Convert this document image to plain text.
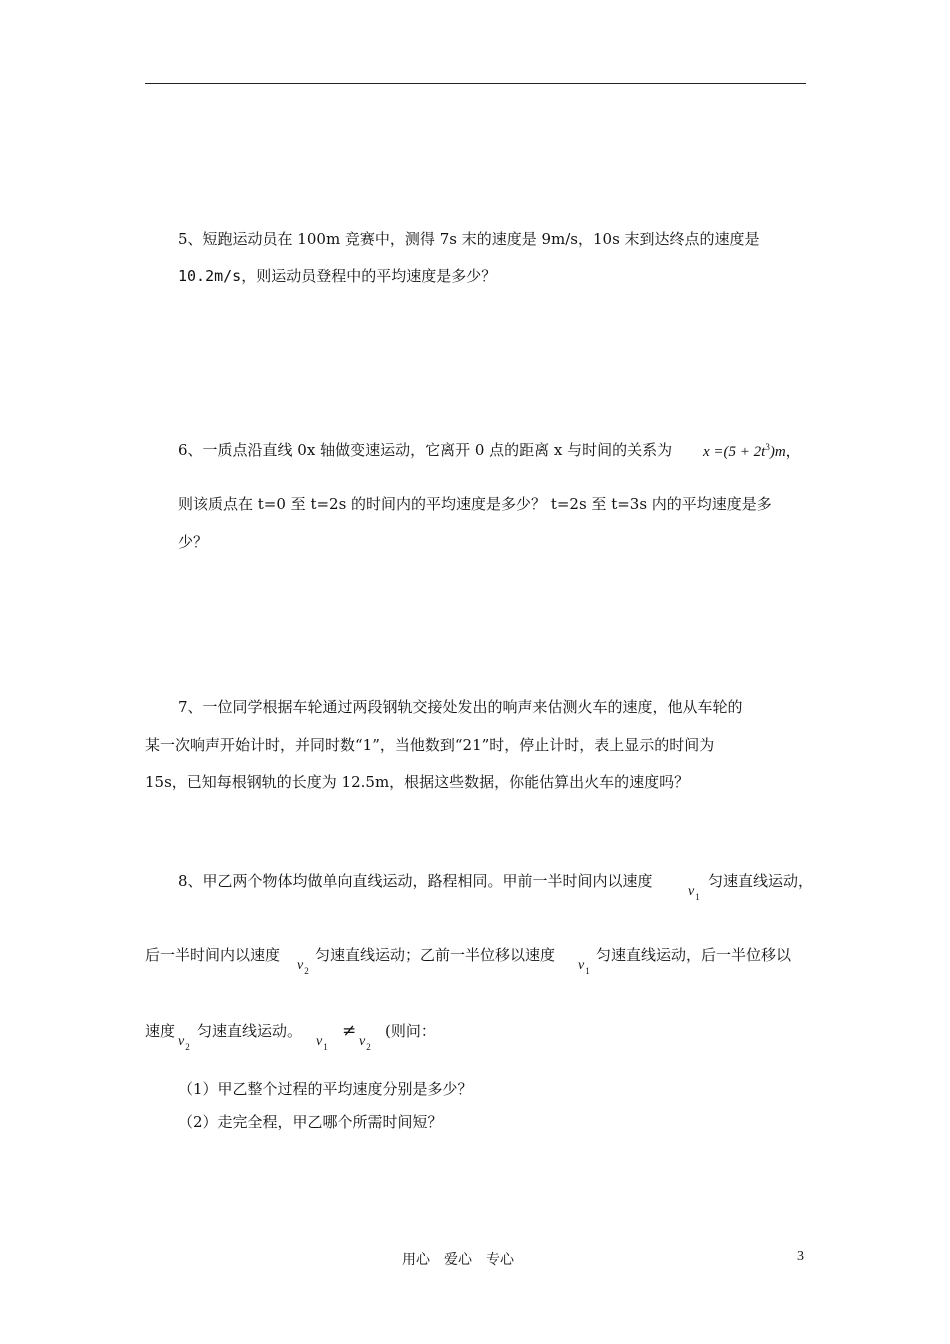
5、短跑运动员在 100m 竞赛中，测得 7s 末的速度是 9m/s，10s 末到达终点的速度是
10.2m/s，则运动员登程中的平均速度是多少？
6、一质点沿直线 0x 轴做变速运动，它离开 0 点的距离 x 与时间的关系为 $x =(5 + 2t^3)m$，
则该质点在 t=0 至 t=2s 的时间内的平均速度是多少？ t=2s 至 t=3s 内的平均速度是多
少？
7、一位同学根据车轮通过两段钢轨交接处发出的响声来估测火车的速度，他从车轮的
某一次响声开始计时，并同时数“1”，当他数到“21”时，停止计时，表上显示的时间为
15s，已知每根钢轨的长度为 12.5m，根据这些数据，你能估算出火车的速度吗？
8、甲乙两个物体均做单向直线运动，路程相同。甲前一半时间内以速度
$v_1$
匀速直线运动，
后一半时间内以速度
$v_2$
匀速直线运动；乙前一半位移以速度
$v_1$
匀速直线运动，后一半位移以
速度
$v_2$
匀速直线运动。
$v_1$
≠
$v_2$
(则问：
（1）甲乙整个过程的平均速度分别是多少？
（2）走完全程，甲乙哪个所需时间短？
用心　爱心　专心	3
